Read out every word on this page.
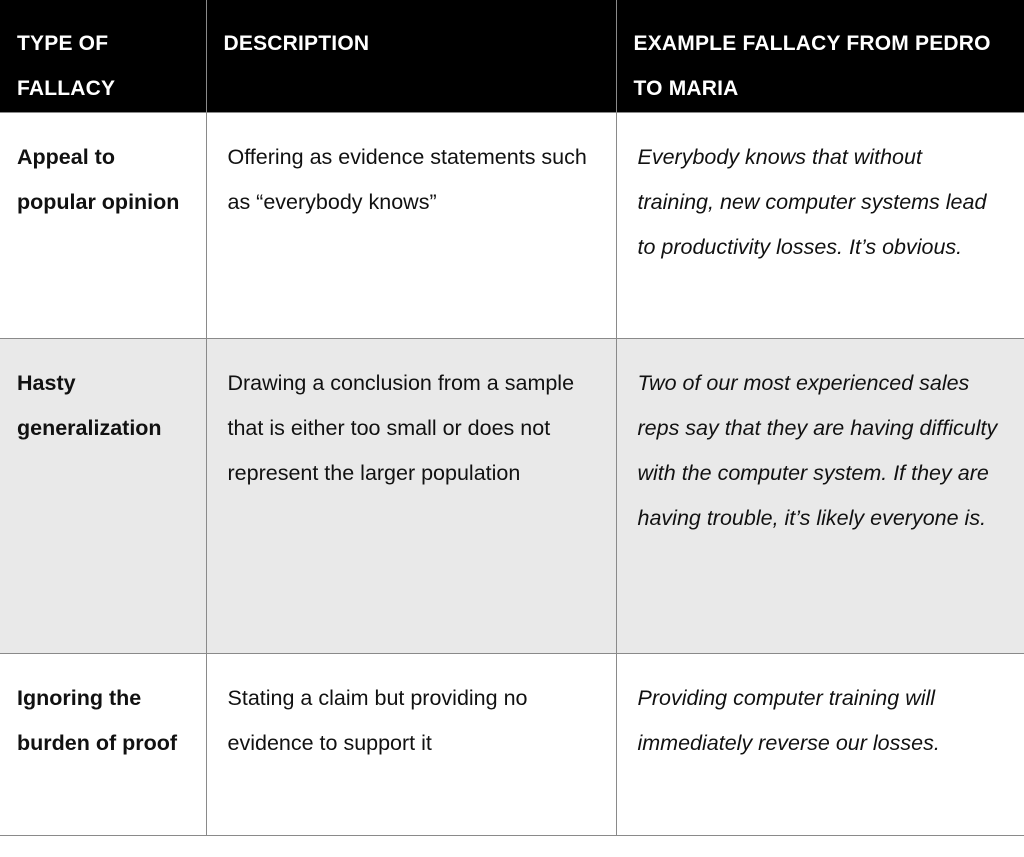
TYPE OF FALLACY	DESCRIPTION	EXAMPLE FALLACY FROM PEDRO TO MARIA
Appeal to popular opinion	Offering as evidence statements such as “everybody knows”	Everybody knows that without training, new computer systems lead to productivity losses. It’s obvious.
Hasty generalization	Drawing a conclusion from a sample that is either too small or does not represent the larger population	Two of our most experienced sales reps say that they are having difficulty with the computer system. If they are having trouble, it’s likely everyone is.
Ignoring the burden of proof	Stating a claim but providing no evidence to support it	Providing computer training will immediately reverse our losses.
